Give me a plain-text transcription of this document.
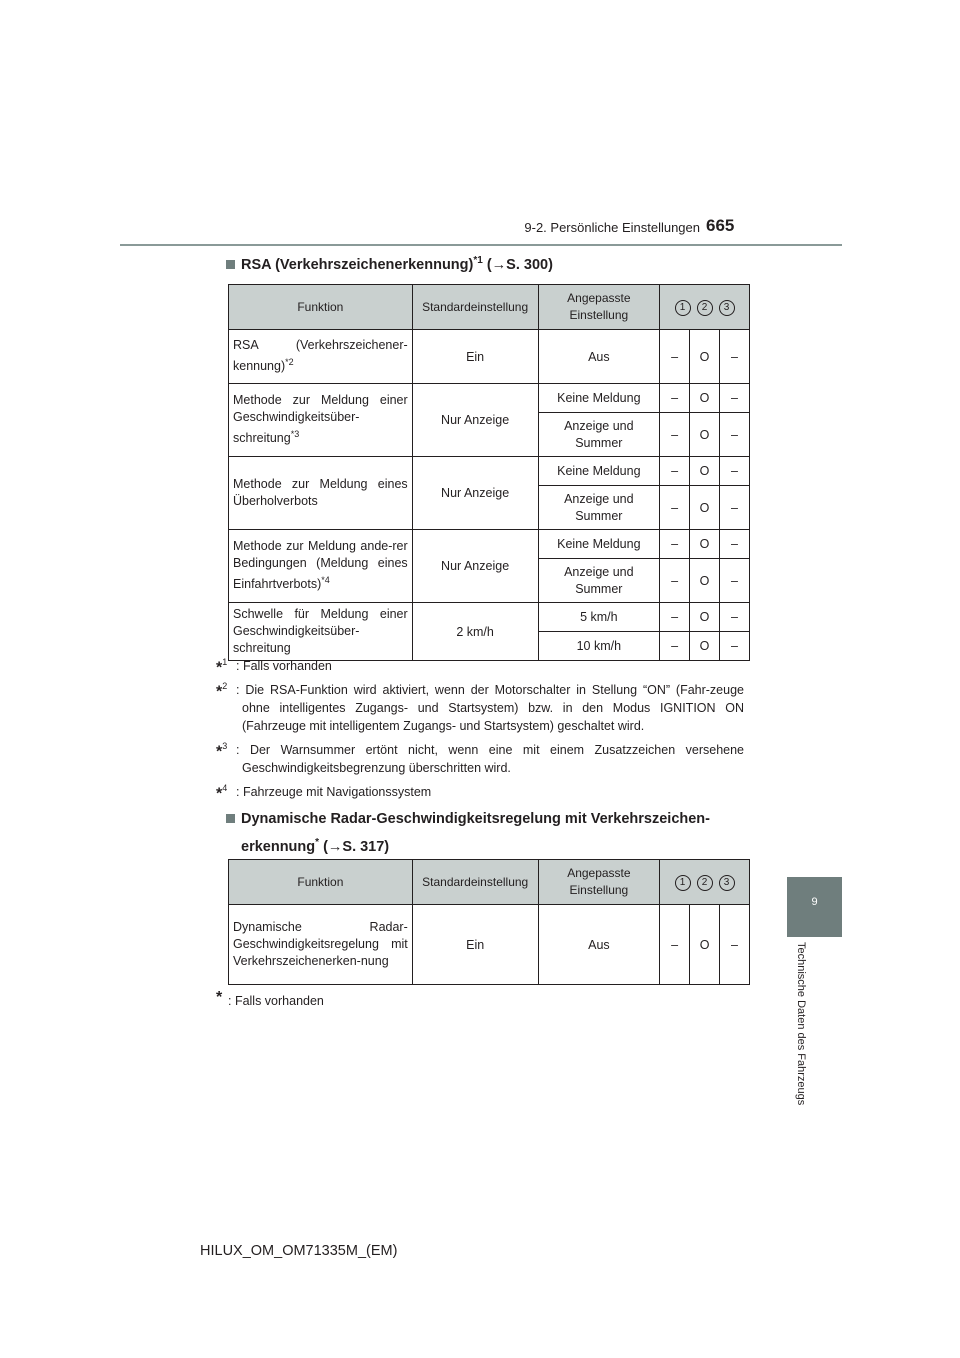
9-2. Persönliche Einstellungen 665
9
Technische Daten des Fahrzeugs
RSA (Verkehrszeichenerkennung)$^{*1}$ (→S. 300)
Funktion	Standardeinstellung	Angepasste Einstellung	1 2 3		
RSA (Verkehrszeichener-kennung)$^{*2}$	Ein	Aus	–	O	–
Methode zur Meldung einer Geschwindigkeitsüber-schreitung$^{*3}$	Nur Anzeige	Keine Meldung	–	O	–
		Anzeige und Summer	–	O	–
Methode zur Meldung eines Überholverbots	Nur Anzeige	Keine Meldung	–	O	–
		Anzeige und Summer	–	O	–
Methode zur Meldung ande-rer Bedingungen (Meldung eines Einfahrtverbots)$^{*4}$	Nur Anzeige	Keine Meldung	–	O	–
		Anzeige und Summer	–	O	–
Schwelle für Meldung einer Geschwindigkeitsüber-schreitung	2 km/h	5 km/h	–	O	–
		10 km/h	–	O	–
*$^1$ : Falls vorhanden
*$^2$ : Die RSA-Funktion wird aktiviert, wenn der Motorschalter in Stellung “ON” (Fahr-zeuge ohne intelligentes Zugangs- und Startsystem) bzw. in den Modus IGNITION ON (Fahrzeuge mit intelligentem Zugangs- und Startsystem) geschaltet wird.
*$^3$ : Der Warnsummer ertönt nicht, wenn eine mit einem Zusatzzeichen versehene Geschwindigkeitsbegrenzung überschritten wird.
*$^4$ : Fahrzeuge mit Navigationssystem
Dynamische Radar-Geschwindigkeitsregelung mit Verkehrszeichen-
erkennung* (→S. 317)
Funktion	Standardeinstellung	Angepasste Einstellung	1 2 3		
Dynamische Radar-Geschwindigkeitsregelung mit Verkehrszeichenerken-nung	Ein	Aus	–	O	–
* : Falls vorhanden
HILUX_OM_OM71335M_(EM)
